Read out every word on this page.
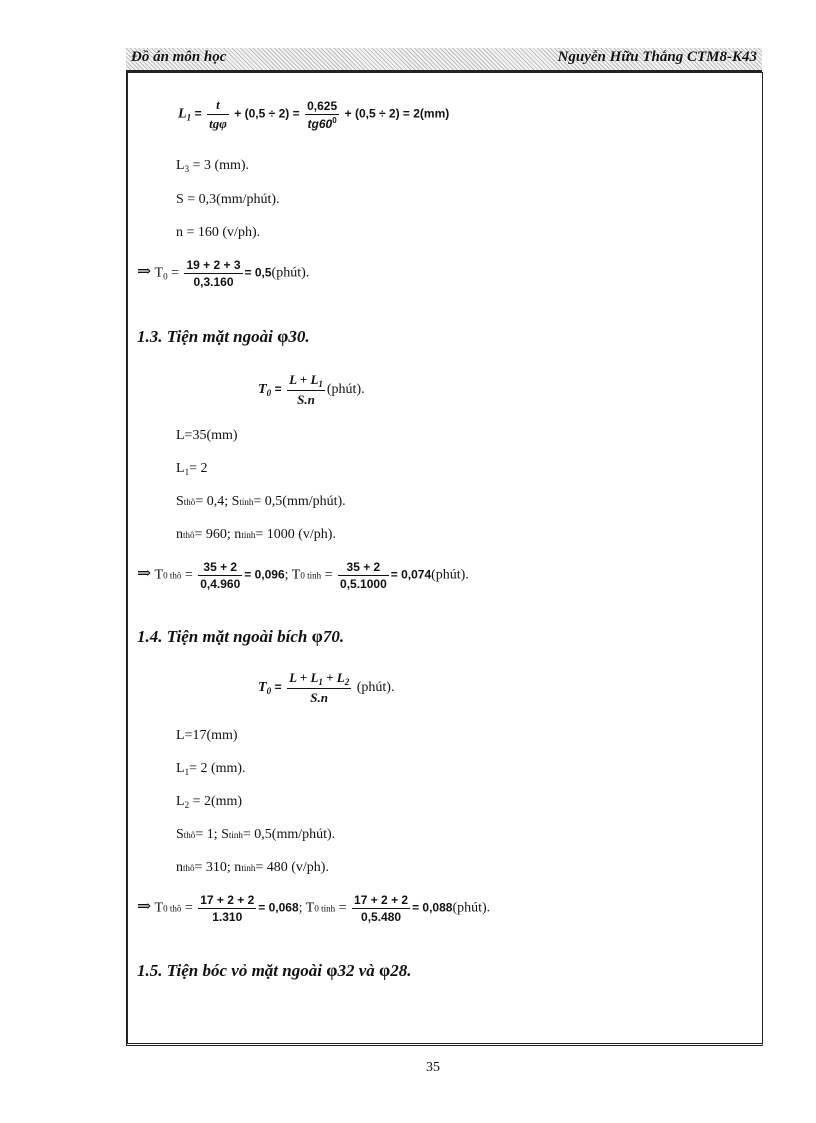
Đồ án môn học	Nguyễn Hữu Thắng CTM8-K43
$L_1$ =
t
tgφ
+ $(0,5 \div 2) = \frac{0,625}{tg60^0} + (0,5 \div 2) = 2(mm)$
$L_3 = 3$ (mm).
S = 0,3(mm/phút).
n = 160 (v/ph).
⇒ $T_0 = \frac{19 + 2 + 3}{0,3.160}$ = 0,5(phút).
1.3. Tiện mặt ngoài φ30.
$T_0 = \frac{L + L_1}{S.n}$ (phút).
L=35(mm)
$L_1= 2$
Sthô= 0,4; Stinh= 0,5(mm/phút).
nthô= 960; ntinh= 1000 (v/ph).
⇒ T0 thô = $\frac{35 + 2}{0,4.960} = 0,096$; T0 tinh = $\frac{35 + 2}{0,5.1000}$ = 0,074(phút).
1.4. Tiện mặt ngoài bích φ70.
$T_0 = \frac{L + L_1 + L_2}{S.n}$ (phút).
L=17(mm)
$L_1= 2$ (mm).
$L_2 = 2(mm)$
Sthô= 1; Stinh= 0,5(mm/phút).
nthô= 310; ntinh= 480 (v/ph).
⇒ T0 thô = $\frac{17 + 2 + 2}{1.310} = 0,068$; T0 tinh = $\frac{17 + 2 + 2}{0,5.480}$ = 0,088(phút).
1.5. Tiện bóc vỏ mặt ngoài φ32 và φ28.
35
